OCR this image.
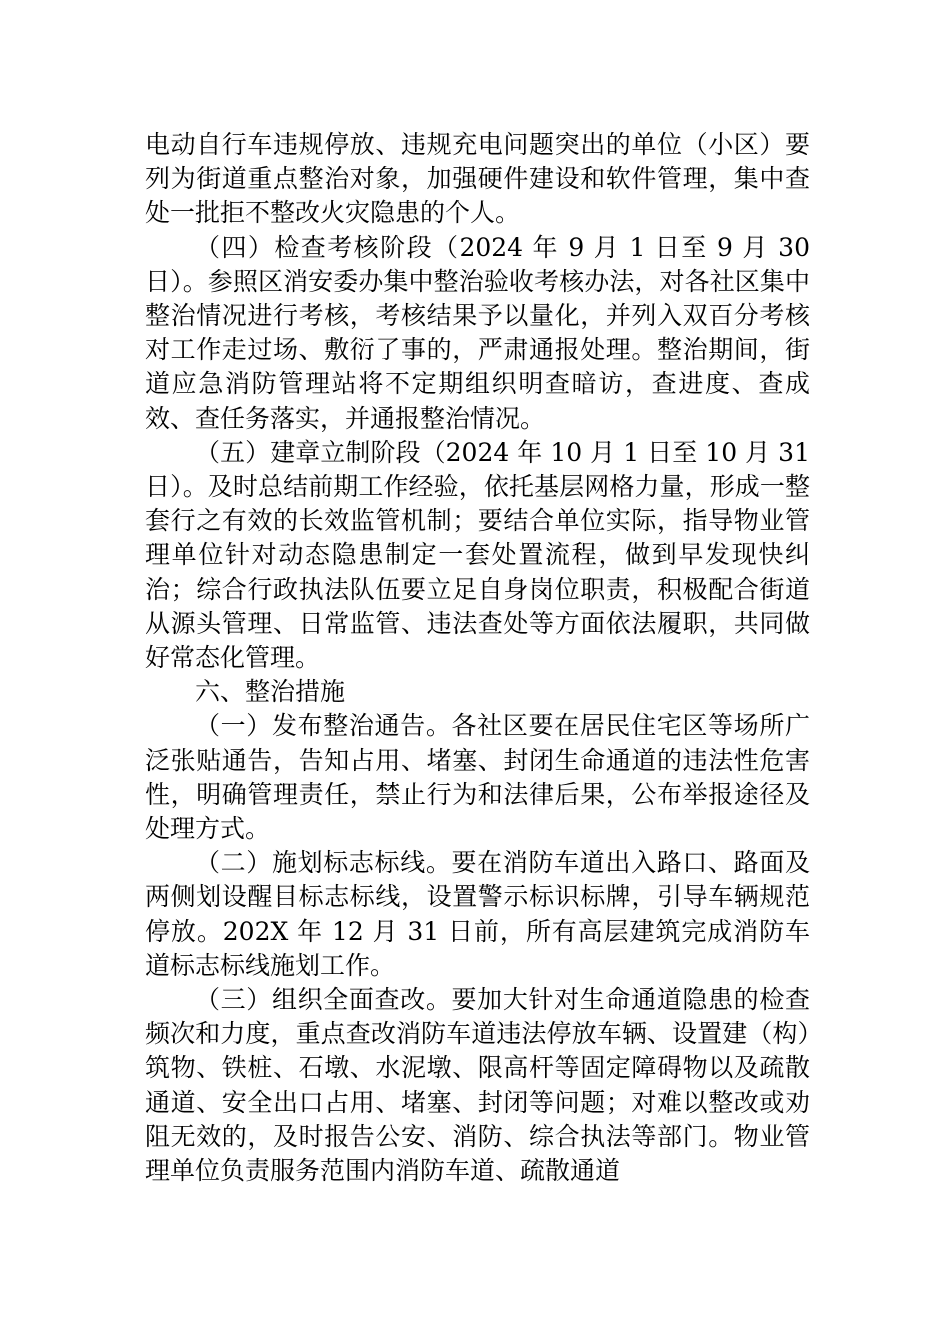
电动自行车违规停放、违规充电问题突出的单位（小区）要列为街道重点整治对象，加强硬件建设和软件管理，集中查处一批拒不整改火灾隐患的个人。

（四）检查考核阶段（2024 年 9 月 1 日至 9 月 30 日）。参照区消安委办集中整治验收考核办法，对各社区集中整治情况进行考核，考核结果予以量化，并列入双百分考核对工作走过场、敷衍了事的，严肃通报处理。整治期间，街道应急消防管理站将不定期组织明查暗访，查进度、查成效、查任务落实，并通报整治情况。

（五）建章立制阶段（2024 年 10 月 1 日至 10 月 31 日）。及时总结前期工作经验，依托基层网格力量，形成一整套行之有效的长效监管机制；要结合单位实际，指导物业管理单位针对动态隐患制定一套处置流程，做到早发现快纠治；综合行政执法队伍要立足自身岗位职责，积极配合街道从源头管理、日常监管、违法查处等方面依法履职，共同做好常态化管理。

六、整治措施

（一）发布整治通告。各社区要在居民住宅区等场所广泛张贴通告，告知占用、堵塞、封闭生命通道的违法性危害性，明确管理责任，禁止行为和法律后果，公布举报途径及处理方式。

（二）施划标志标线。要在消防车道出入路口、路面及两侧划设醒目标志标线，设置警示标识标牌，引导车辆规范停放。202X 年 12 月 31 日前，所有高层建筑完成消防车道标志标线施划工作。

（三）组织全面查改。要加大针对生命通道隐患的检查频次和力度，重点查改消防车道违法停放车辆、设置建（构）筑物、铁桩、石墩、水泥墩、限高杆等固定障碍物以及疏散通道、安全出口占用、堵塞、封闭等问题；对难以整改或劝阻无效的，及时报告公安、消防、综合执法等部门。物业管理单位负责服务范围内消防车道、疏散通道
